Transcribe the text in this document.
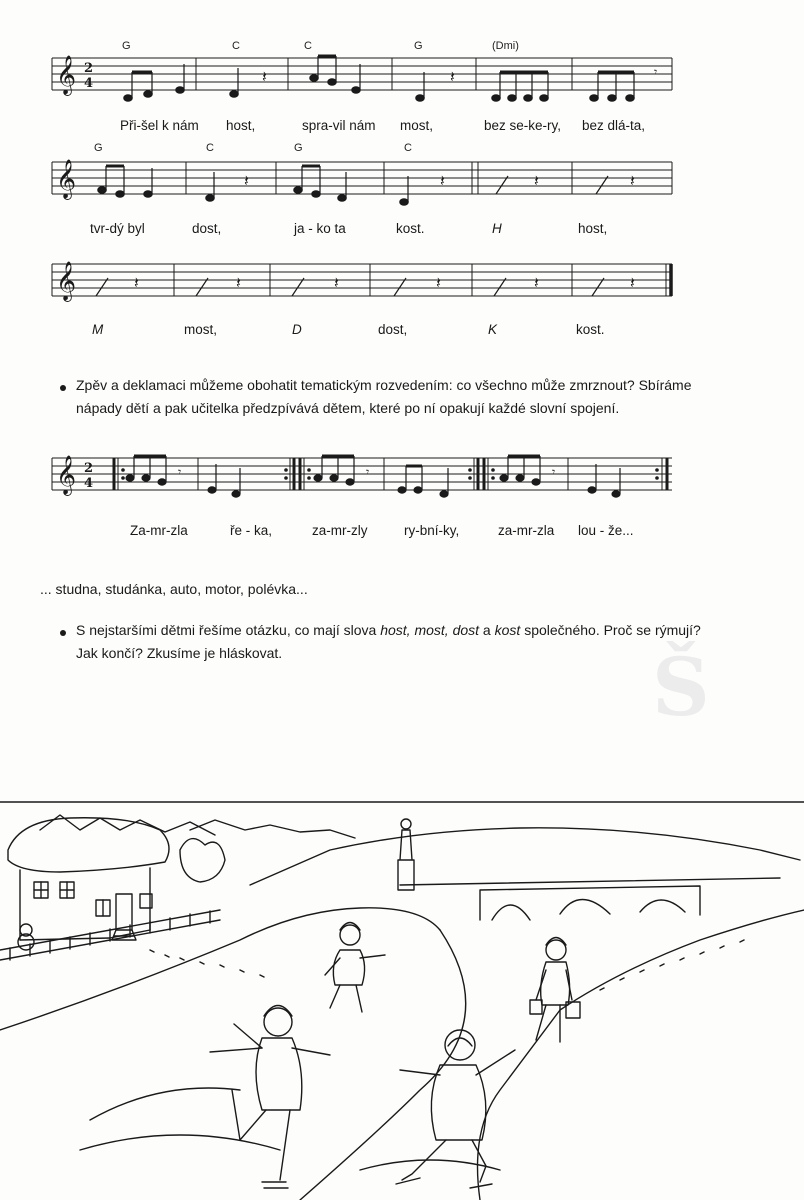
Š
G	C	C	G	(Dmi)
𝄞 2
4	𝄽	𝄽	𝄾
Při-šel k nám host,	spra-vil nám most,	bez se-ke-ry, bez dlá-ta,
G	C	G	C
𝄞	𝄽	𝄽	𝄽	𝄽
tvr-dý byl	dost,	ja - ko ta	kost.	H	host,
𝄞	𝄽	𝄽	𝄽	𝄽	𝄽	𝄽
M	most,	D	dost,	K	kost.
Zpěv a deklamaci můžeme obohatit tematickým rozvedením: co všechno může zmrznout? Sbíráme
nápady dětí a pak učitelka předzpívává dětem, které po ní opakují každé slovní spojení.
𝄞 2
4
𝄾	𝄾	𝄾
Za-mr-zla	ře - ka,	za-mr-zly	ry-bní-ky,	za-mr-zla lou - že...
... studna, studánka, auto, motor, polévka...
S nejstaršími dětmi řešíme otázku, co mají slova host, most, dost a kost společného. Proč se rýmují?
Jak končí? Zkusíme je hláskovat.
